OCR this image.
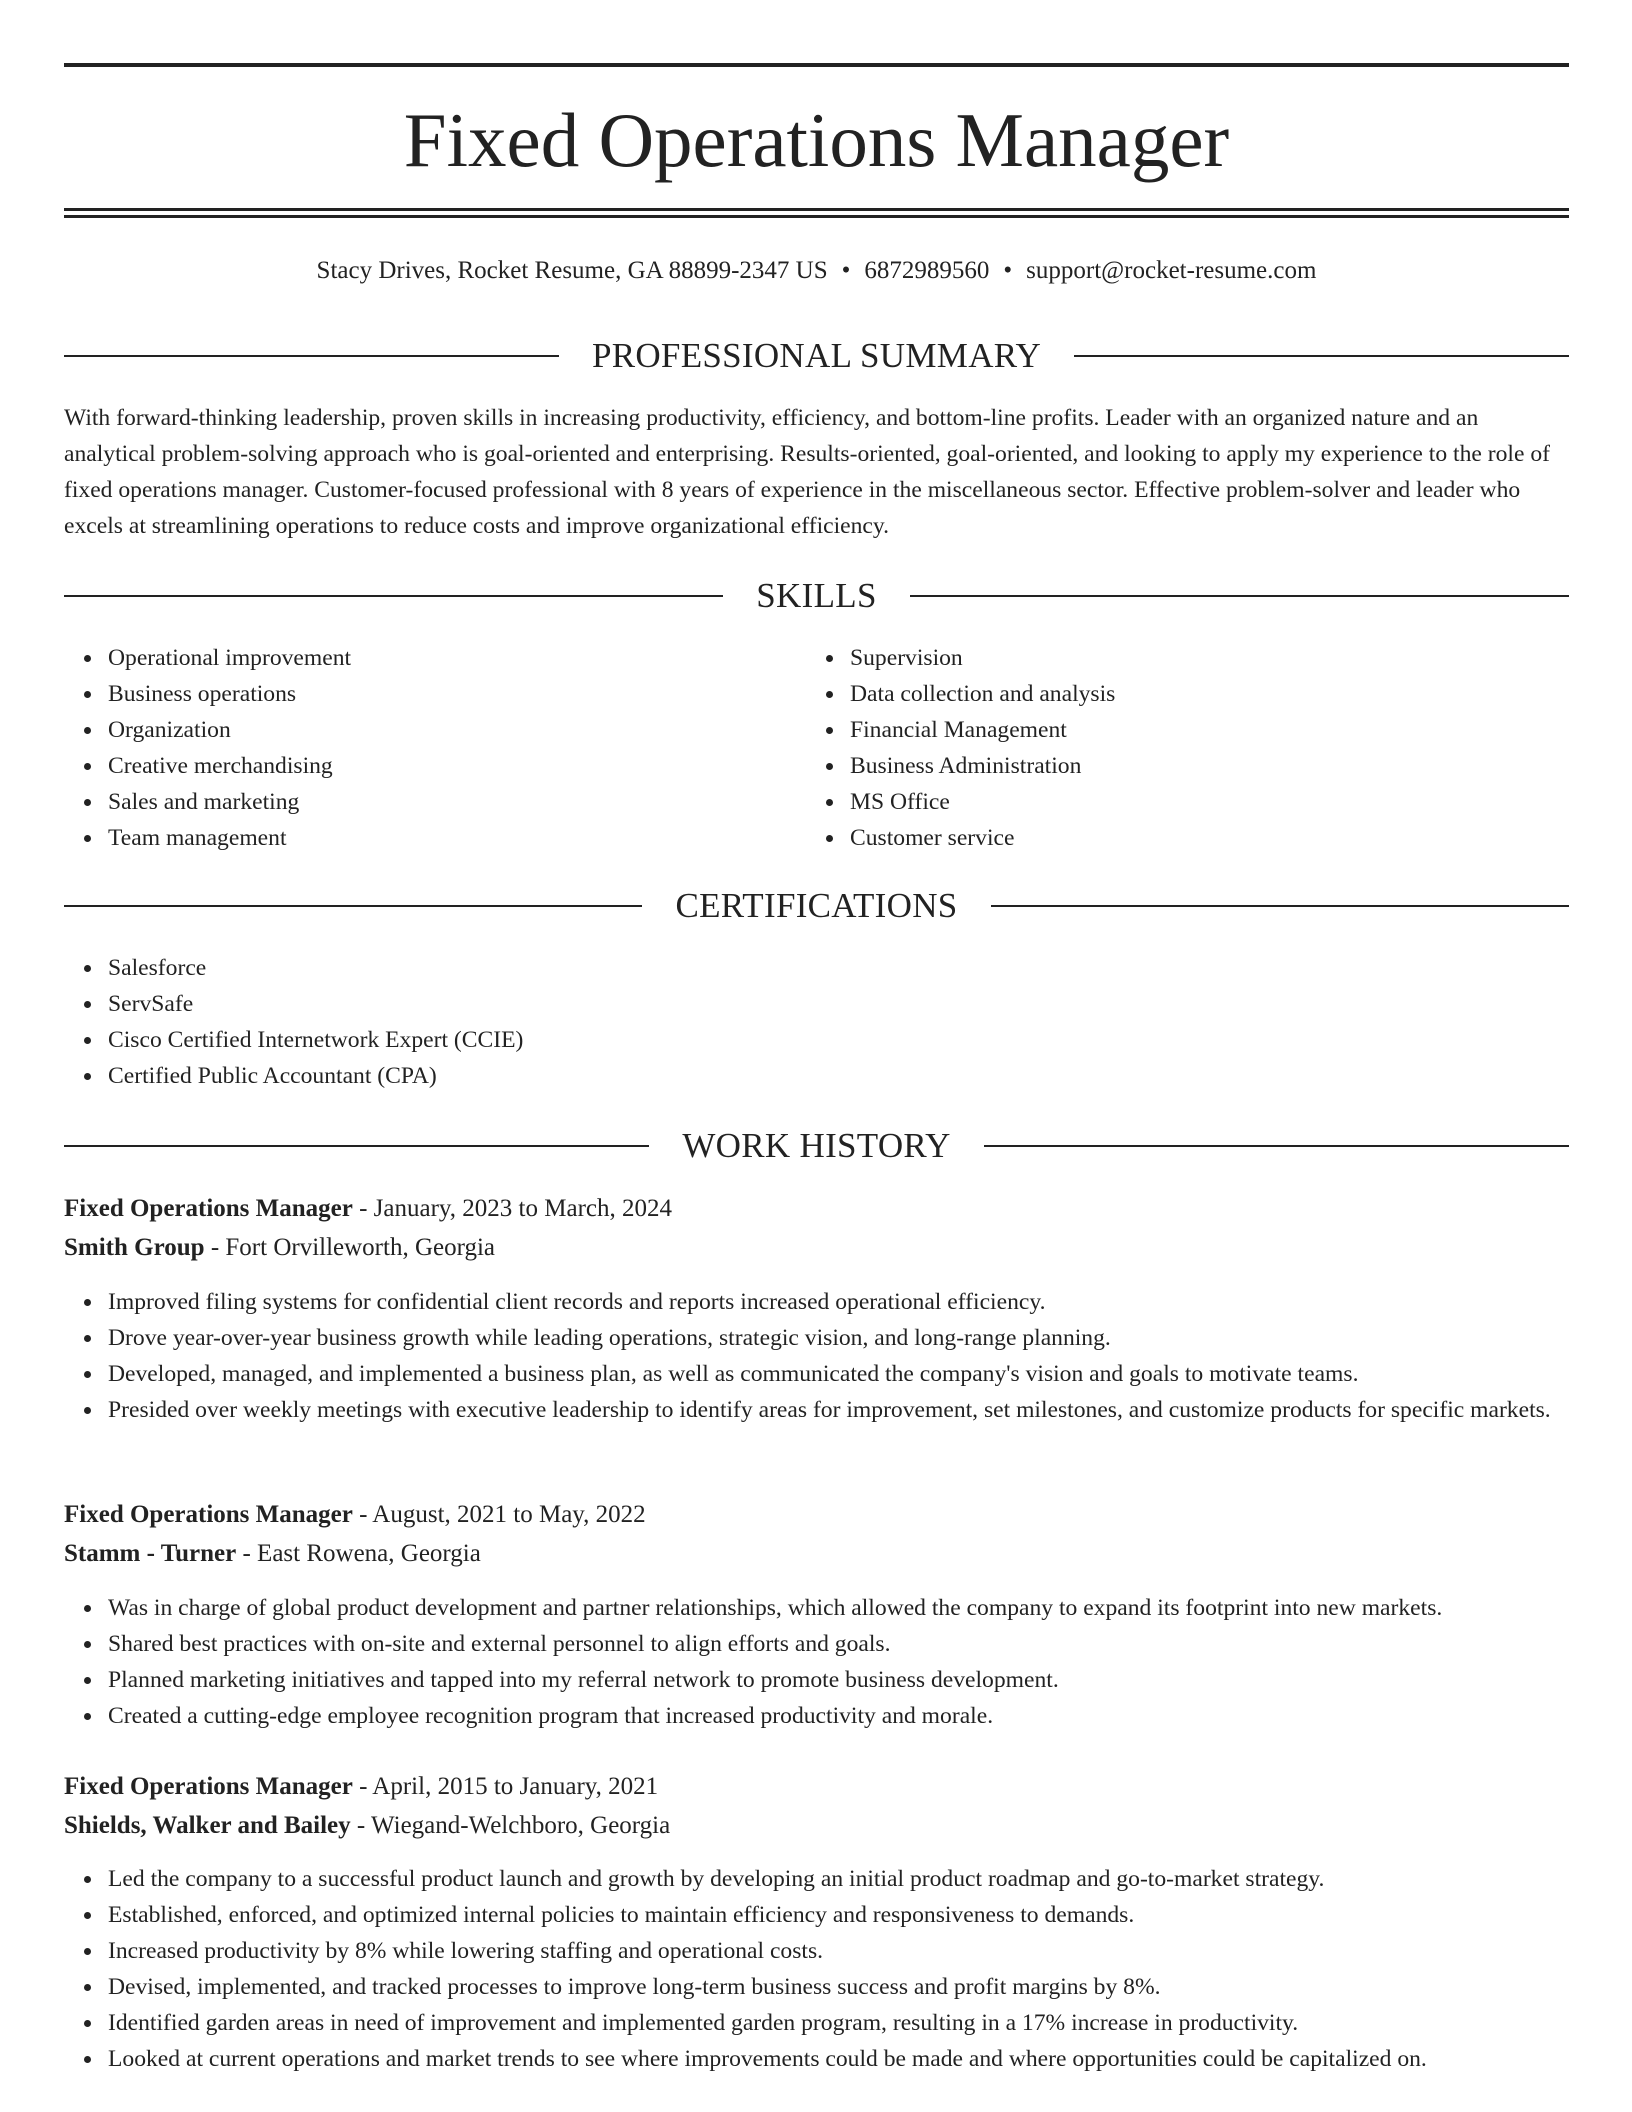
Fixed Operations Manager
Stacy Drives, Rocket Resume, GA 88899-2347 US • 6872989560 • support@rocket-resume.com
PROFESSIONAL SUMMARY

With forward-thinking leadership, proven skills in increasing productivity, efficiency, and bottom-line profits. Leader with an organized nature and an analytical problem-solving approach who is goal-oriented and enterprising. Results-oriented, goal-oriented, and looking to apply my experience to the role of fixed operations manager. Customer-focused professional with 8 years of experience in the miscellaneous sector. Effective problem-solver and leader who excels at streamlining operations to reduce costs and improve organizational efficiency.

SKILLS
Operational improvement
Business operations
Organization
Creative merchandising
Sales and marketing
Team management
Supervision
Data collection and analysis
Financial Management
Business Administration
MS Office
Customer service
CERTIFICATIONS
Salesforce
ServSafe
Cisco Certified Internetwork Expert (CCIE)
Certified Public Accountant (CPA)
WORK HISTORY
Fixed Operations Manager - January, 2023 to March, 2024
Smith Group - Fort Orvilleworth, Georgia
Improved filing systems for confidential client records and reports increased operational efficiency.
Drove year-over-year business growth while leading operations, strategic vision, and long-range planning.
Developed, managed, and implemented a business plan, as well as communicated the company's vision and goals to motivate teams.
Presided over weekly meetings with executive leadership to identify areas for improvement, set milestones, and customize products for specific markets.
Fixed Operations Manager - August, 2021 to May, 2022
Stamm - Turner - East Rowena, Georgia
Was in charge of global product development and partner relationships, which allowed the company to expand its footprint into new markets.
Shared best practices with on-site and external personnel to align efforts and goals.
Planned marketing initiatives and tapped into my referral network to promote business development.
Created a cutting-edge employee recognition program that increased productivity and morale.
Fixed Operations Manager - April, 2015 to January, 2021
Shields, Walker and Bailey - Wiegand-Welchboro, Georgia
Led the company to a successful product launch and growth by developing an initial product roadmap and go-to-market strategy.
Established, enforced, and optimized internal policies to maintain efficiency and responsiveness to demands.
Increased productivity by 8% while lowering staffing and operational costs.
Devised, implemented, and tracked processes to improve long-term business success and profit margins by 8%.
Identified garden areas in need of improvement and implemented garden program, resulting in a 17% increase in productivity.
Looked at current operations and market trends to see where improvements could be made and where opportunities could be capitalized on.
